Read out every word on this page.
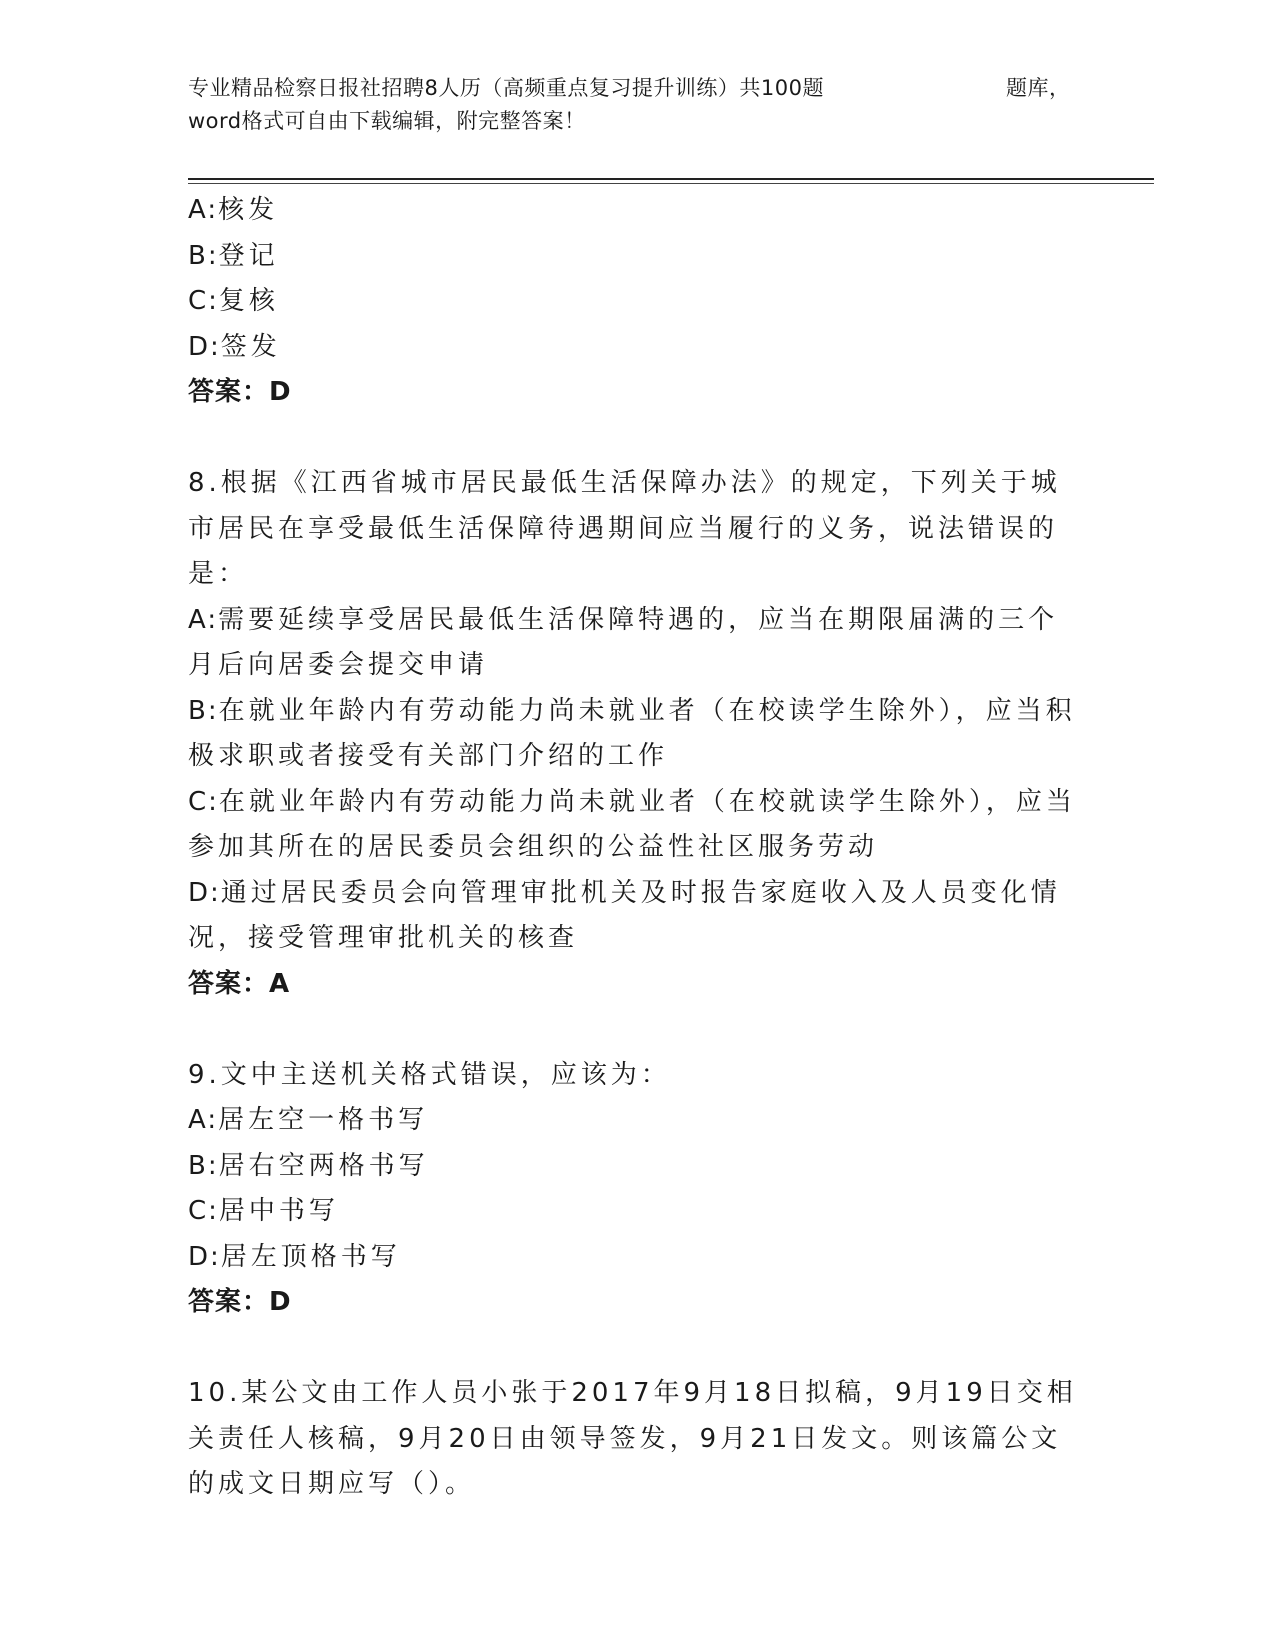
专业精品检察日报社招聘8人历（高频重点复习提升训练）共100题	题库，
word格式可自由下载编辑，附完整答案！

A:核发

B:登记

C:复核

D:签发

答案：D

8.根据《江西省城市居民最低生活保障办法》的规定，下列关于城市居民在享受最低生活保障待遇期间应当履行的义务，说法错误的是：

A:需要延续享受居民最低生活保障特遇的，应当在期限届满的三个月后向居委会提交申请

B:在就业年龄内有劳动能力尚未就业者（在校读学生除外），应当积极求职或者接受有关部门介绍的工作

C:在就业年龄内有劳动能力尚未就业者（在校就读学生除外），应当参加其所在的居民委员会组织的公益性社区服务劳动

D:通过居民委员会向管理审批机关及时报告家庭收入及人员变化情况，接受管理审批机关的核查

答案：A

9.文中主送机关格式错误，应该为：

A:居左空一格书写

B:居右空两格书写

C:居中书写

D:居左顶格书写

答案：D

10.某公文由工作人员小张于2017年9月18日拟稿，9月19日交相关责任人核稿，9月20日由领导签发，9月21日发文。则该篇公文的成文日期应写（）。
